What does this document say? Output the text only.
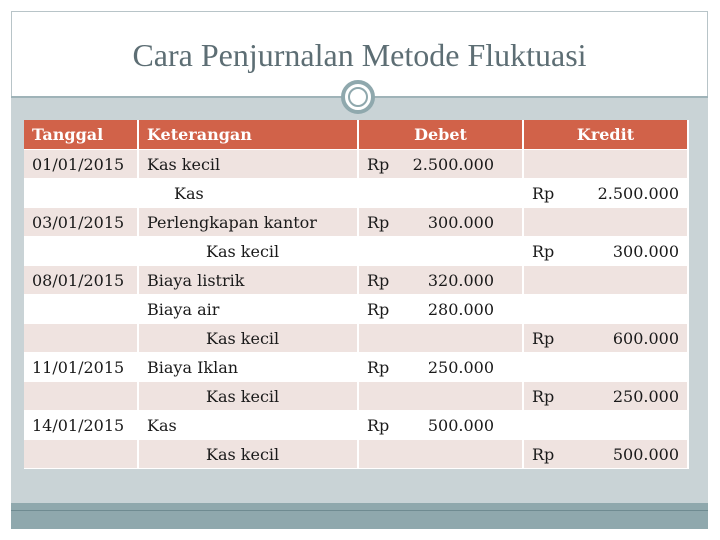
Cara Penjurnalan Metode Fluktuasi
Tanggal	Keterangan	Debet	Kredit
01/01/2015	Kas kecil	Rp 2.500.000	

	Kas		Rp 2.500.000

03/01/2015	Perlengkapan kantor	Rp 300.000	

	Kas kecil		Rp 300.000

08/01/2015	Biaya listrik	Rp 320.000	

	Biaya air	Rp 280.000	

	Kas kecil		Rp 600.000

11/01/2015	Biaya Iklan	Rp 250.000	

	Kas kecil		Rp 250.000

14/01/2015	Kas	Rp 500.000	

	Kas kecil		Rp 500.000
